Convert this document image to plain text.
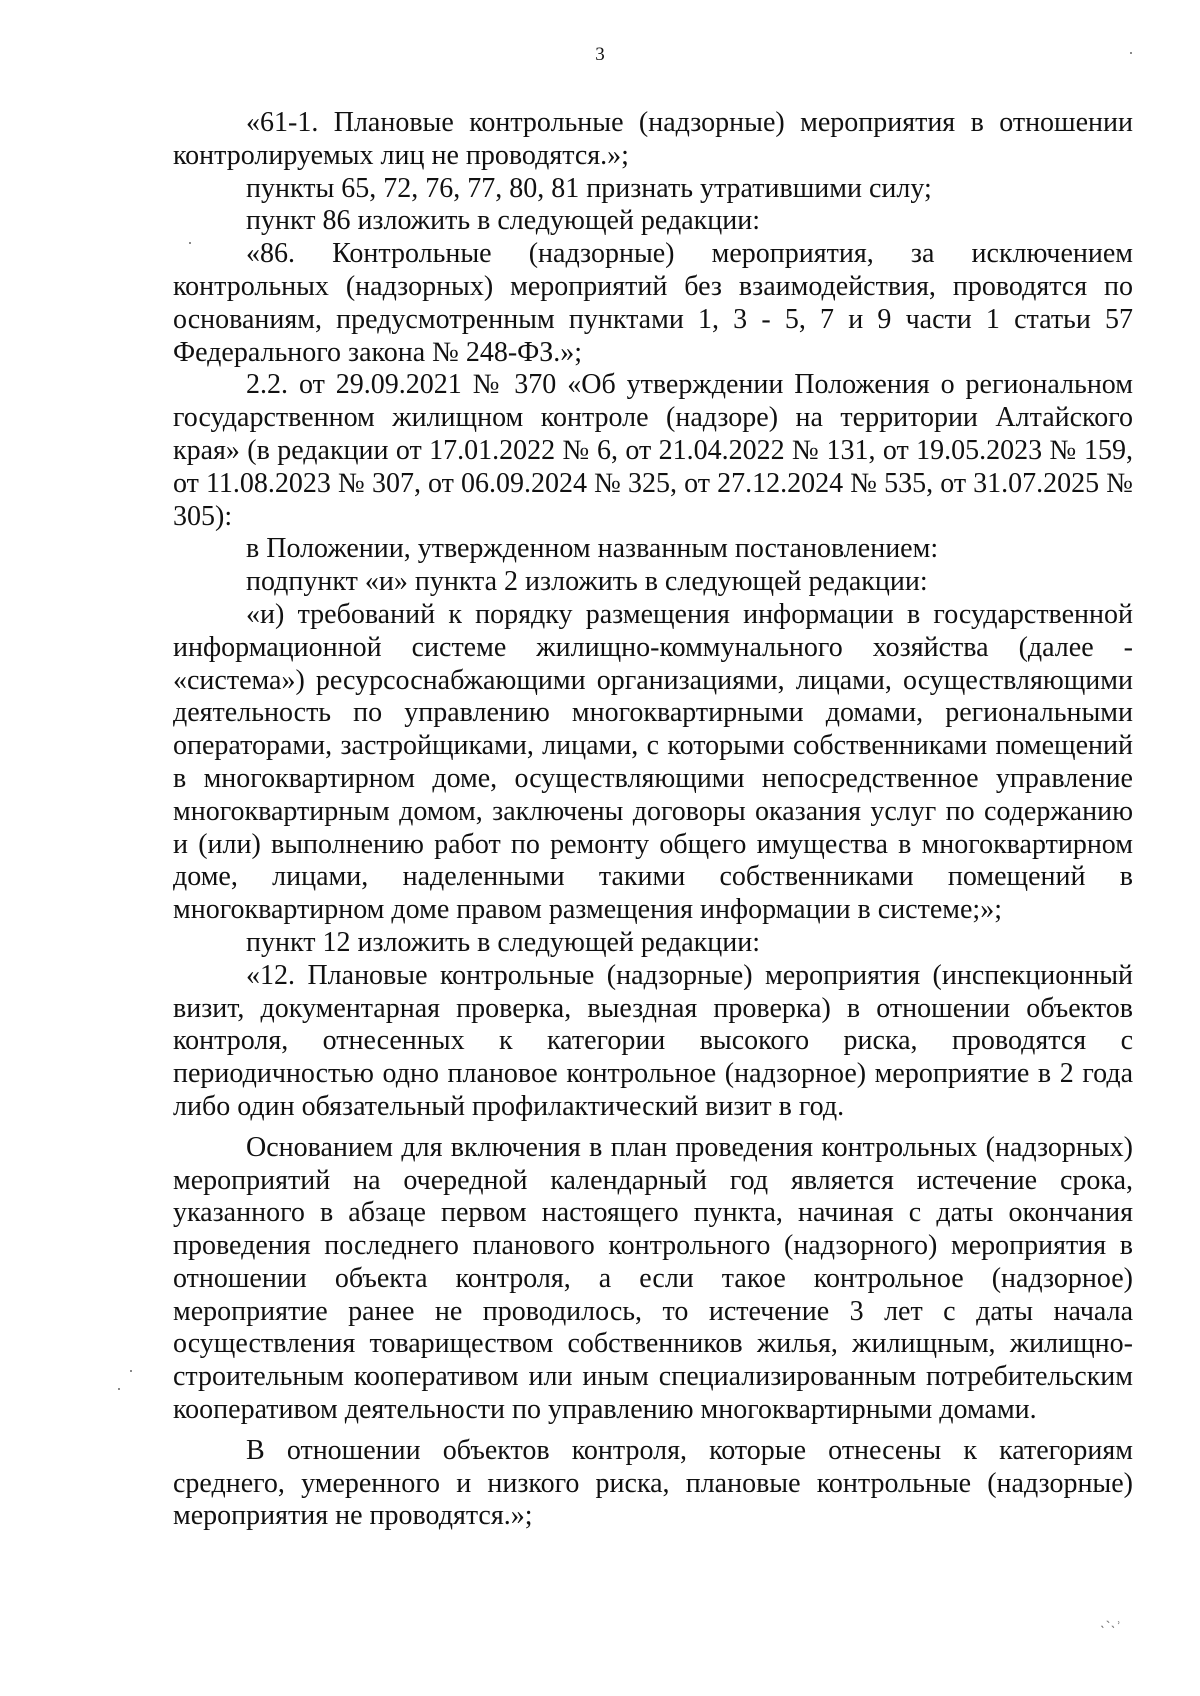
3

«61-1. Плановые контрольные (надзорные) мероприятия в отношении контролируемых лиц не проводятся.»;

пункты 65, 72, 76, 77, 80, 81 признать утратившими силу;

пункт 86 изложить в следующей редакции:

«86. Контрольные (надзорные) мероприятия, за исключением контрольных (надзорных) мероприятий без взаимодействия, проводятся по основаниям, предусмотренным пунктами 1, 3 - 5, 7 и 9 части 1 статьи 57 Федерального закона № 248-ФЗ.»;

2.2. от 29.09.2021 № 370 «Об утверждении Положения о региональном государственном жилищном контроле (надзоре) на территории Алтайского края» (в редакции от 17.01.2022 № 6, от 21.04.2022 № 131, от 19.05.2023 № 159, от 11.08.2023 № 307, от 06.09.2024 № 325, от 27.12.2024 № 535, от 31.07.2025 № 305):

в Положении, утвержденном названным постановлением:

подпункт «и» пункта 2 изложить в следующей редакции:

«и) требований к порядку размещения информации в государственной информационной системе жилищно-коммунального хозяйства (далее - «система») ресурсоснабжающими организациями, лицами, осуществляющими деятельность по управлению многоквартирными домами, региональными операторами, застройщиками, лицами, с которыми собственниками помещений в многоквартирном доме, осуществляющими непосредственное управление многоквартирным домом, заключены договоры оказания услуг по содержанию и (или) выполнению работ по ремонту общего имущества в многоквартирном доме, лицами, наделенными такими собственниками помещений в многоквартирном доме правом размещения информации в системе;»;

пункт 12 изложить в следующей редакции:

«12. Плановые контрольные (надзорные) мероприятия (инспекционный визит, документарная проверка, выездная проверка) в отношении объектов контроля, отнесенных к категории высокого риска, проводятся с периодичностью одно плановое контрольное (надзорное) мероприятие в 2 года либо один обязательный профилактический визит в год.

Основанием для включения в план проведения контрольных (надзорных) мероприятий на очередной календарный год является истечение срока, указанного в абзаце первом настоящего пункта, начиная с даты окончания проведения последнего планового контрольного (надзорного) мероприятия в отношении объекта контроля, а если такое контрольное (надзорное) мероприятие ранее не проводилось, то истечение 3 лет с даты начала осуществления товариществом собственников жилья, жилищным, жилищно-строительным кооперативом или иным специализированным потребительским кооперативом деятельности по управлению многоквартирными домами.

В отношении объектов контроля, которые отнесены к категориям среднего, умеренного и низкого риска, плановые контрольные (надзорные) мероприятия не проводятся.»;

·
·
·
·
ˎ˴ˎ˒
